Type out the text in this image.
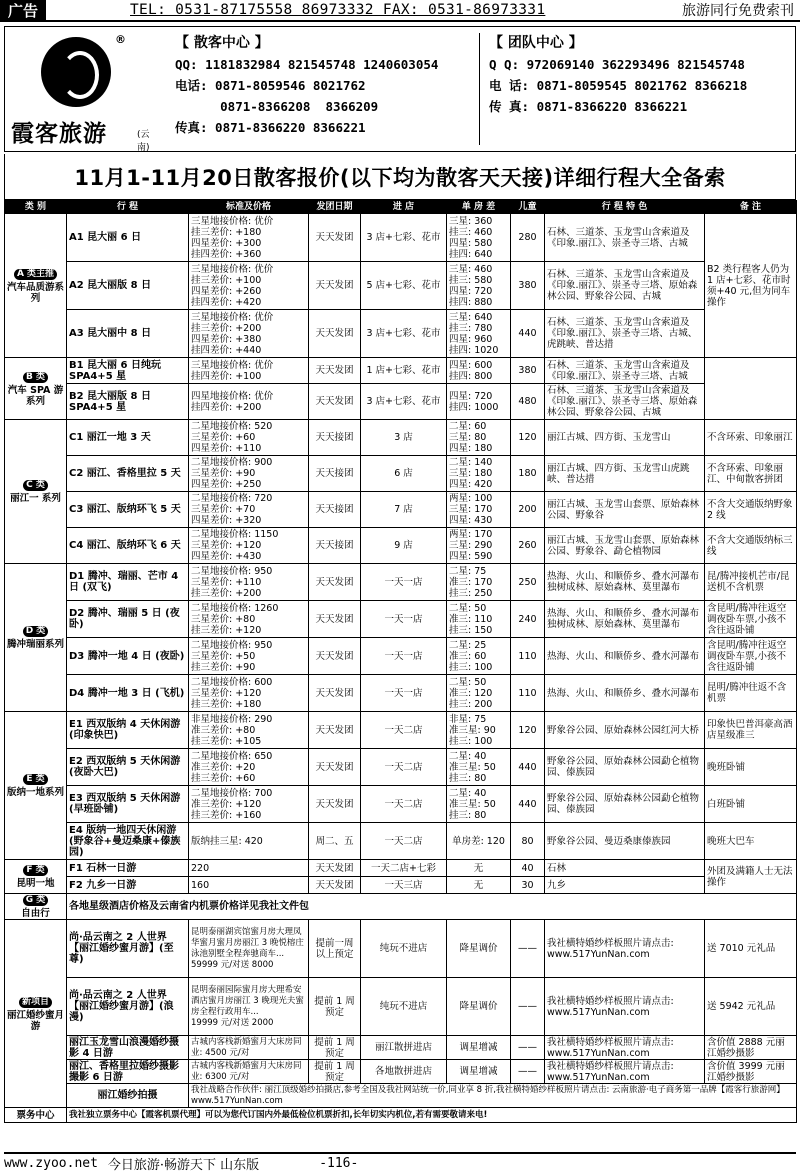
广告	TEL: 0531-87175558 86973332 FAX: 0531-86973331	旅游同行免费索刊
®
霞客旅游	(云南)
【 散客中心 】
QQ: 1181832984 821545748 1240603054
电话: 0871-8059546 8021762
0871-8366208  8366209
传真: 0871-8366220 8366221
【 团队中心 】
Q Q: 972069140 362293496 821545748
电 话: 0871-8059545 8021762 8366218
传 真: 0871-8366220 8366221
11月1-11月20日散客报价(以下均为散客天天接)详细行程大全备索
类 别	行 程	标准及价格	发团日期	进 店	单 房 差	儿童	行 程 特 色	备 注
A 类主推
汽车品质游系列	A1 昆大丽 6 日	三星地接价格: 优价
挂三差价: +180
四星差价: +300
挂四差价: +360	天天发团	3 店+七彩、花市	三星: 360
挂三: 460
四星: 580
挂四: 640	280	石林、三道茶、玉龙雪山含索道及《印象.丽江》、崇圣寺三塔、古城	B2 类行程客人仍为 1 店+七彩、花市时须+40 元,但为同车操作
	A2 昆大丽版 8 日	三星地接价格: 优价
挂三差价: +100
四星差价: +260
挂四差价: +420	天天发团	5 店+七彩、花市	三星: 460
挂三: 580
四星: 720
挂四: 880	380	石林、三道茶、玉龙雪山含索道及《印象.丽江》、崇圣寺三塔、原始森林公园、野象谷公园、古城	
	A3 昆大丽中 8 日	三星地接价格: 优价
挂三差价: +200
四星差价: +380
挂四差价: +440	天天发团	3 店+七彩、花市	三星: 640
挂三: 780
四星: 960
挂四: 1020	440	石林、三道茶、玉龙雪山含索道及《印象.丽江》、崇圣寺三塔、古城、虎跳峡、普达措	
B 类
汽车 SPA 游系列	B1 昆大丽 6 日纯玩 SPA4+5 星	三星地接价格: 优价
挂四差价: +100	天天发团	1 店+七彩、花市	四星: 600
挂四: 800	380	石林、三道茶、玉龙雪山含索道及《印象.丽江》、崇圣寺三塔、古城	
	B2 昆大丽版 8 日 SPA4+5 星	四星地接价格: 优价
挂四差价: +200	天天发团	3 店+七彩、花市	四星: 720
挂四: 1000	480	石林、三道茶、玉龙雪山含索道及《印象.丽江》、崇圣寺三塔、原始森林公园、野象谷公园、古城	
C 类
丽江一 系列	C1 丽江一地 3 天	二星地接价格: 520
三星差价: +60
四星差价: +110	天天接团	3 店	二星: 60
三星: 80
四星: 180	120	丽江古城、四方街、玉龙雪山	不含环索、印象丽江
	C2 丽江、香格里拉 5 天	二星地接价格: 900
三星差价: +90
四星差价: +250	天天接团	6 店	二星: 140
三星: 180
四星: 420	180	丽江古城、四方街、玉龙雪山虎跳峡、普达措	不含环索、印象丽江、中甸散客拼团
	C3 丽江、版纳环飞 5 天	二星地接价格: 720
三星差价: +70
四星差价: +320	天天接团	7 店	两星: 100
三星: 170
四星: 430	200	丽江古城、玉龙雪山套票、原始森林公园、野象谷	不含大交通版纳野象 2 线
	C4 丽江、版纳环飞 6 天	二星地接价格: 1150
三星差价: +120
四星差价: +430	天天接团	9 店	两星: 170
三星: 290
四星: 590	260	丽江古城、玉龙雪山套票、原始森林公园、野象谷、勐仑植物园	不含大交通版纳标三线
D 类
腾冲瑞丽系列	D1 腾冲、瑞丽、芒市 4 日 (双飞)	二星地接价格: 950
三星差价: +110
挂三差价: +200	天天发团	一天一店	二星: 75
准三: 170
挂三: 250	250	热海、火山、和顺侨乡、叠水河瀑布独树成林、原始森林、莫里瀑布	昆/腾冲接机芒市/昆送机不含机票
	D2 腾冲、瑞丽 5 日 (夜卧)	二星地接价格: 1260
三星差价: +80
挂三差价: +120	天天发团	一天一店	二星: 50
准三: 110
挂三: 150	240	热海、火山、和顺侨乡、叠水河瀑布独树成林、原始森林、莫里瀑布	含昆明/腾冲往返空调夜卧车票,小孩不含往返卧铺
	D3 腾冲一地 4 日 (夜卧)	二星地接价格: 950
三星差价: +50
挂三差价: +90	天天发团	一天一店	二星: 25
准三: 60
挂三: 100	110	热海、火山、和顺侨乡、叠水河瀑布	含昆明/腾冲往返空调夜卧车票,小孩不含往返卧铺
	D4 腾冲一地 3 日 (飞机)	二星地接价格: 600
三星差价: +120
挂三差价: +180	天天发团	一天一店	二星: 50
准三: 120
挂三: 200	110	热海、火山、和顺侨乡、叠水河瀑布	昆明/腾冲往返不含机票
E 类
版纳一地系列	E1 西双版纳 4 天休闲游 (印象快巴)	非星地接价格: 290
准三差价: +80
挂三差价: +105	天天发团	一天二店	非星: 75
准三星: 90
挂三: 100	120	野象谷公园、原始森林公园红河大桥	印象快巴普洱豪高酒店星级准三
	E2 西双版纳 5 天休闲游 (夜卧大巴)	二星地接价格: 650
准三差价: +20
挂三差价: +60	天天发团	一天二店	二星: 40
准三星: 50
挂三: 80	440	野象谷公园、原始森林公园勐仑植物园、傣族园	晚班卧铺
	E3 西双版纳 5 天休闲游 (早班卧铺)	二星地接价格: 700
准三差价: +120
挂三差价: +160	天天发团	一天二店	二星: 40
准三星: 50
挂三: 80	440	野象谷公园、原始森林公园勐仑植物园、傣族园	白班卧铺
	E4 版纳一地四天休闲游 (野象谷+曼迈桑康+傣族园)	版纳挂三星: 420	周二、五	一天二店	单房差: 120	80	野象谷公园、曼迈桑康傣族园	晚班大巴车
F 类
昆明一地	F1 石林一日游	220	天天发团	一天二店+七彩	无	40	石林	外团及满籍人士无法操作
	F2 九乡一日游	160	天天发团	一天三店	无	30	九乡	
G 类
自由行	各地星级酒店价格及云南省内机票价格详见我社文件包							
新项目
丽江婚纱蜜月游	尚·品云南之 2 人世界【丽江婚纱蜜月游】(至尊)	昆明泰丽湖宾馆蜜月房大理凤华蜜月蜜月房丽江 3 晚悦榕庄泳池别墅全程奔驰商车...
59999 元/对送 8000	提前一周以上预定	纯玩不进店	降星调价	——	我社横特婚纱样板照片请点击: www.517YunNan.com	送 7010 元礼品
	尚·品云南之 2 人世界【丽江婚纱蜜月游】(浪漫)	昆明泰丽园际蜜月房大理希安酒店蜜月房丽江 3 晚现光夫蜜房全程行政用车...
19999 元/对送 2000	提前 1 周预定	纯玩不进店	降星调价	——	我社横特婚纱样板照片请点击: www.517YunNan.com	送 5942 元礼品
	丽江玉龙雪山浪漫婚纱摄影 4 日游	古城内客栈新婚蜜月大床房同业: 4500 元/对	提前 1 周预定	丽江散拼进店	调星增减	——	我社横特婚纱样板照片请点击: www.517YunNan.com	含价值 2888 元丽江婚纱摄影
	丽江、香格里拉婚纱摄影撮影 6 日游	古城内客栈新婚蜜月大床房同业: 6300 元/对	提前 1 周预定	各地散拼进店	调星增减	——	我社横特婚纱样板照片请点击: www.517YunNan.com	含价值 3999 元丽江婚纱摄影
	丽江婚纱拍摄	我社战略合作伙伴: 丽江顶级婚纱拍摄店,参考全国及我社网站统一价,同业享 8 折,我社横特婚纱样板照片请点击: 云南旅游·电子商务第一品牌【霞客行旅游网】 www.517YunNan.com						
票务中心	我社独立票务中心【霞客机票代理】可以为您代订国内外最低检位机票折扣,长年切实内机位,若有需要敬请来电!							
www.zyoo.net 今日旅游·畅游天下 山东版	-116-
